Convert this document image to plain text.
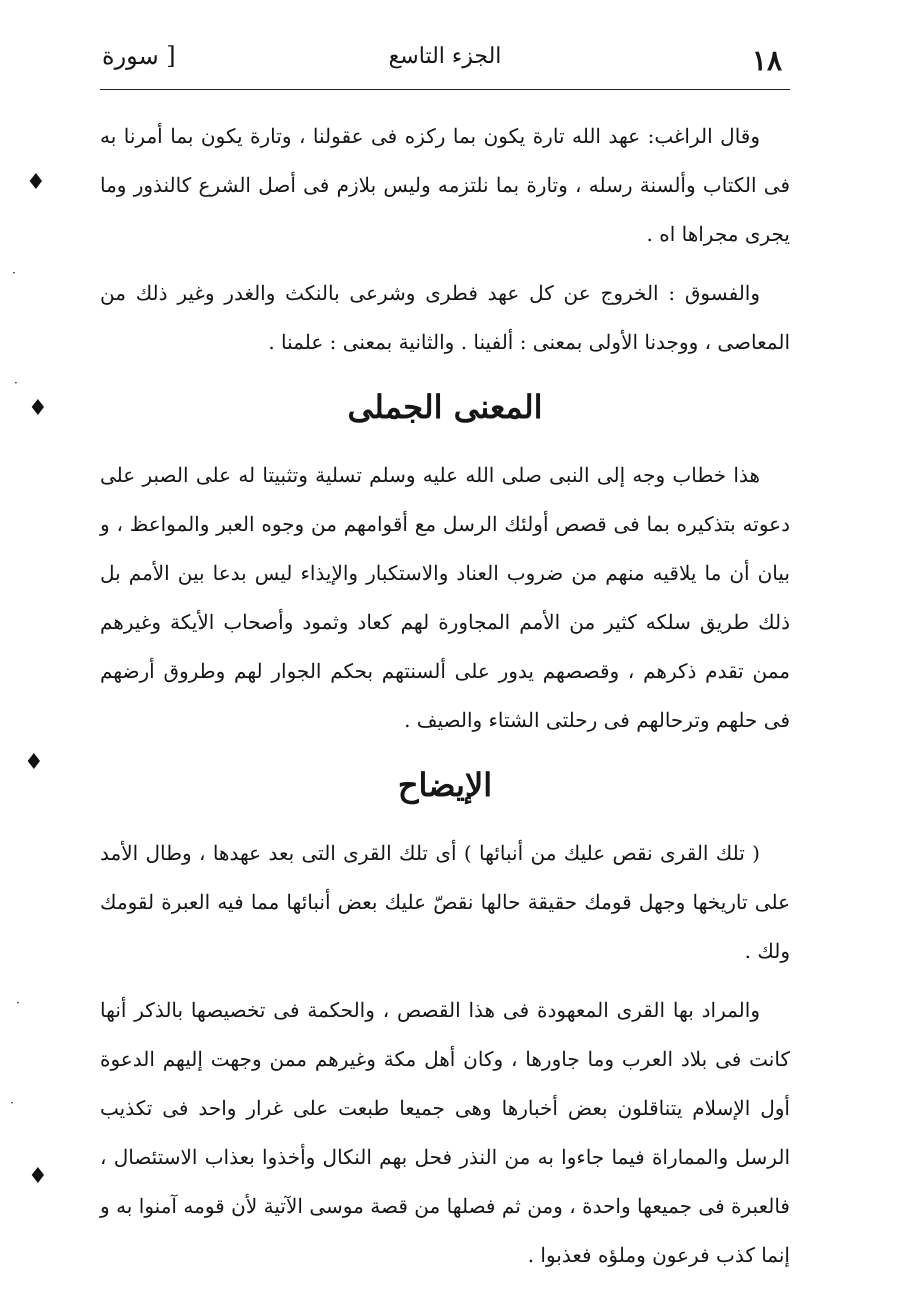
١٨
الجزء التاسع
[ سورة

وقال الراغب: عهد الله تارة يكون بما ركزه فى عقولنا ، وتارة يكون بما أمرنا به فى الكتاب وألسنة رسله ، وتارة بما نلتزمه وليس بلازم فى أصل الشرع كالنذور وما يجرى مجراها اه .

والفسوق : الخروج عن كل عهد فطرى وشرعى بالنكث والغدر وغير ذلك من المعاصى ، ووجدنا الأولى بمعنى : ألفينا . والثانية بمعنى : علمنا .

المعنى الجملى

هذا خطاب وجه إلى النبى صلى الله عليه وسلم تسلية وتثبيتا له على الصبر على دعوته بتذكيره بما فى قصص أولئك الرسل مع أقوامهم من وجوه العبر والمواعظ ، و بيان أن ما يلاقيه منهم من ضروب العناد والاستكبار والإيذاء ليس بدعا بين الأمم بل ذلك طريق سلكه كثير من الأمم المجاورة لهم كعاد وثمود وأصحاب الأيكة وغيرهم ممن تقدم ذكرهم ، وقصصهم يدور على ألسنتهم بحكم الجوار لهم وطروق أرضهم فى حلهم وترحالهم فى رحلتى الشتاء والصيف .

الإيضاح

( تلك القرى نقص عليك من أنبائها ) أى تلك القرى التى بعد عهدها ، وطال الأمد على تاريخها وجهل قومك حقيقة حالها نقصّ عليك بعض أنبائها مما فيه العبرة لقومك ولك .

والمراد بها القرى المعهودة فى هذا القصص ، والحكمة فى تخصيصها بالذكر أنها كانت فى بلاد العرب وما جاورها ، وكان أهل مكة وغيرهم ممن وجهت إليهم الدعوة أول الإسلام يتناقلون بعض أخبارها وهى جميعا طبعت على غرار واحد فى تكذيب الرسل والمماراة فيما جاءوا به من النذر فحل بهم النكال وأخذوا بعذاب الاستئصال ، فالعبرة فى جميعها واحدة ، ومن ثم فصلها من قصة موسى الآتية لأن قومه آمنوا به و إنما كذب فرعون وملؤه فعذبوا .

♦
♦
♦
♦
·
·
·
·
